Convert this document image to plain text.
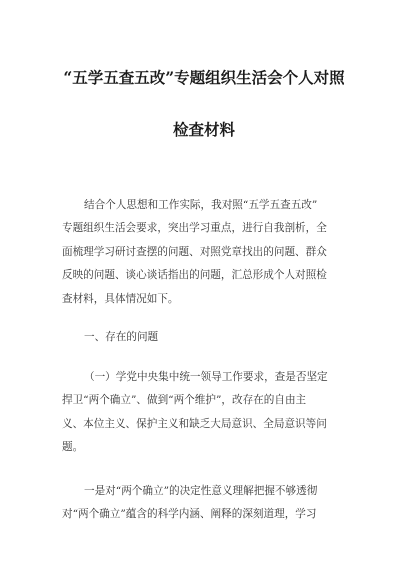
“五学五查五改”专题组织生活会个人对照
检查材料
结合个人思想和工作实际，我对照“五学五查五改”
专题组织生活会要求，突出学习重点，进行自我剖析，全
面梳理学习研讨查摆的问题、对照党章找出的问题、群众
反映的问题、谈心谈话指出的问题，汇总形成个人对照检
查材料，具体情况如下。
一、存在的问题
（一）学党中央集中统一领导工作要求，查是否坚定
捍卫“两个确立”、做到“两个维护”，改存在的自由主
义、本位主义、保护主义和缺乏大局意识、全局意识等问
题。
一是对“两个确立”的决定性意义理解把握不够透彻
对“两个确立”蕴含的科学内涵、阐释的深刻道理，学习
